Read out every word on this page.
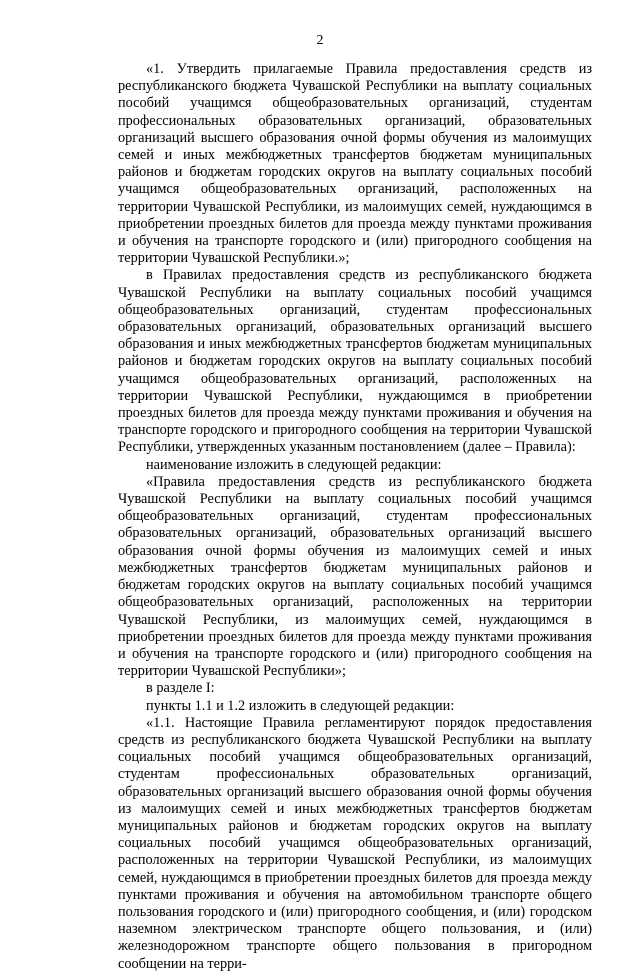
2

«1. Утвердить прилагаемые Правила предоставления средств из республиканского бюджета Чувашской Республики на выплату социальных пособий учащимся общеобразовательных организаций, студентам профессиональных образовательных организаций, образовательных организаций высшего образования очной формы обучения из малоимущих семей и иных межбюджетных трансфертов бюджетам муниципальных районов и бюджетам городских округов на выплату социальных пособий учащимся общеобразовательных организаций, расположенных на территории Чувашской Республики, из малоимущих семей, нуждающимся в приобретении проездных билетов для проезда между пунктами проживания и обучения на транспорте городского и (или) пригородного сообщения на территории Чувашской Республики.»;

в Правилах предоставления средств из республиканского бюджета Чувашской Республики на выплату социальных пособий учащимся общеобразовательных организаций, студентам профессиональных образовательных организаций, образовательных организаций высшего образования и иных межбюджетных трансфертов бюджетам муниципальных районов и бюджетам городских округов на выплату социальных пособий учащимся общеобразовательных организаций, расположенных на территории Чувашской Республики, нуждающимся в приобретении проездных билетов для проезда между пунктами проживания и обучения на транспорте городского и пригородного сообщения на территории Чувашской Республики, утвержденных указанным постановлением (далее – Правила):

наименование изложить в следующей редакции:

«Правила предоставления средств из республиканского бюджета Чувашской Республики на выплату социальных пособий учащимся общеобразовательных организаций, студентам профессиональных образовательных организаций, образовательных организаций высшего образования очной формы обучения из малоимущих семей и иных межбюджетных трансфертов бюджетам муниципальных районов и бюджетам городских округов на выплату социальных пособий учащимся общеобразовательных организаций, расположенных на территории Чувашской Республики, из малоимущих семей, нуждающимся в приобретении проездных билетов для проезда между пунктами проживания и обучения на транспорте городского и (или) пригородного сообщения на территории Чувашской Республики»;

в разделе I:

пункты 1.1 и 1.2 изложить в следующей редакции:

«1.1. Настоящие Правила регламентируют порядок предоставления средств из республиканского бюджета Чувашской Республики на выплату социальных пособий учащимся общеобразовательных организаций, студентам профессиональных образовательных организаций, образовательных организаций высшего образования очной формы обучения из малоимущих семей и иных межбюджетных трансфертов бюджетам муниципальных районов и бюджетам городских округов на выплату социальных пособий учащимся общеобразовательных организаций, расположенных на территории Чувашской Республики, из малоимущих семей, нуждающимся в приобретении проездных билетов для проезда между пунктами проживания и обучения на автомобильном транспорте общего пользования городского и (или) пригородного сообщения, и (или) городском наземном электрическом транспорте общего пользования, и (или) железнодорожном транспорте общего пользования в пригородном сообщении на терри-
